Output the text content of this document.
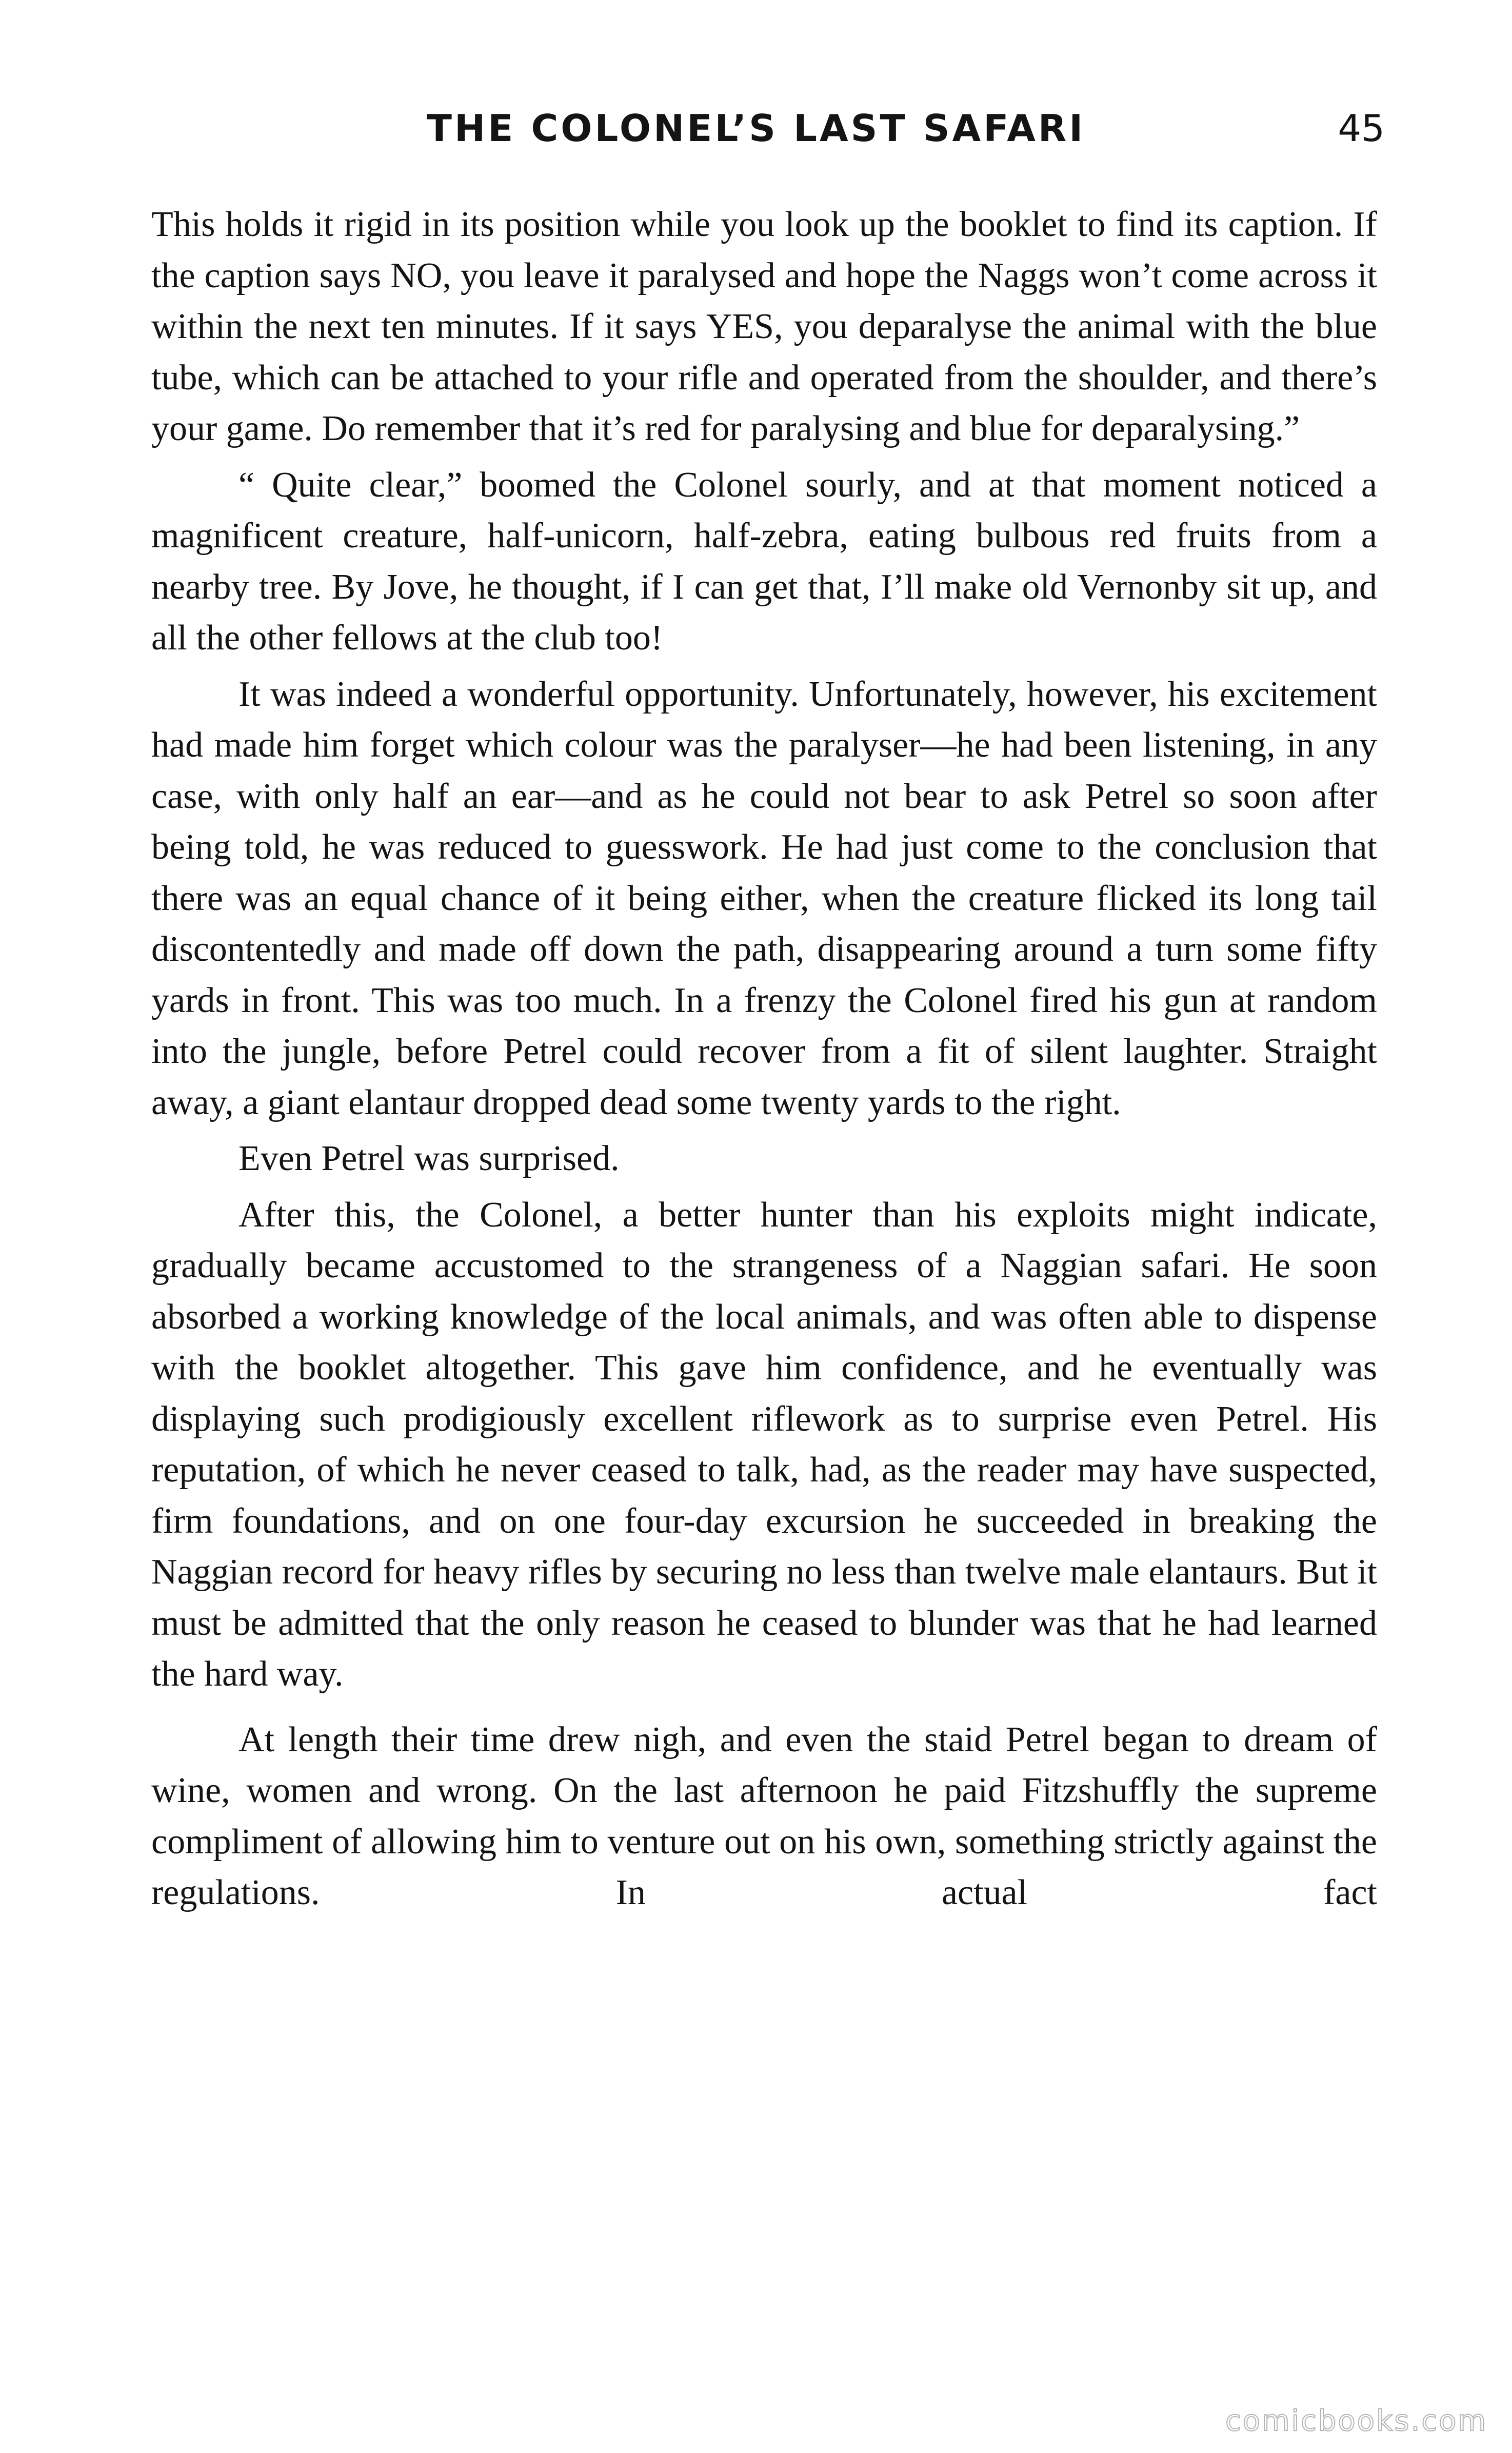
THE COLONEL’S LAST SAFARI	45

This holds it rigid in its position while you look up the booklet to find its caption. If the caption says NO, you leave it paralysed and hope the Naggs won’t come across it within the next ten minutes. If it says YES, you deparalyse the animal with the blue tube, which can be attached to your rifle and operated from the shoulder, and there’s your game. Do remember that it’s red for paralysing and blue for deparalysing.”

“ Quite clear,” boomed the Colonel sourly, and at that moment noticed a magnificent creature, half-unicorn, half-zebra, eating bulbous red fruits from a nearby tree. By Jove, he thought, if I can get that, I’ll make old Vernonby sit up, and all the other fellows at the club too!

It was indeed a wonderful opportunity. Unfortunately, however, his excitement had made him forget which colour was the paralyser—he had been listening, in any case, with only half an ear—and as he could not bear to ask Petrel so soon after being told, he was reduced to guesswork. He had just come to the conclusion that there was an equal chance of it being either, when the creature flicked its long tail discontentedly and made off down the path, disappearing around a turn some fifty yards in front. This was too much. In a frenzy the Colonel fired his gun at random into the jungle, before Petrel could recover from a fit of silent laughter. Straight away, a giant elantaur dropped dead some twenty yards to the right.

Even Petrel was surprised.

After this, the Colonel, a better hunter than his exploits might indicate, gradually became accustomed to the strangeness of a Naggian safari. He soon absorbed a working knowledge of the local animals, and was often able to dispense with the booklet altogether. This gave him confidence, and he eventually was displaying such prodigiously excellent riflework as to surprise even Petrel. His reputation, of which he never ceased to talk, had, as the reader may have suspected, firm foundations, and on one four-day excursion he succeeded in breaking the Naggian record for heavy rifles by securing no less than twelve male elantaurs. But it must be admitted that the only reason he ceased to blunder was that he had learned the hard way.

At length their time drew nigh, and even the staid Petrel began to dream of wine, women and wrong. On the last afternoon he paid Fitzshuffly the supreme compliment of allowing him to venture out on his own, something strictly against the regulations. In actual fact

comicbooks.com
